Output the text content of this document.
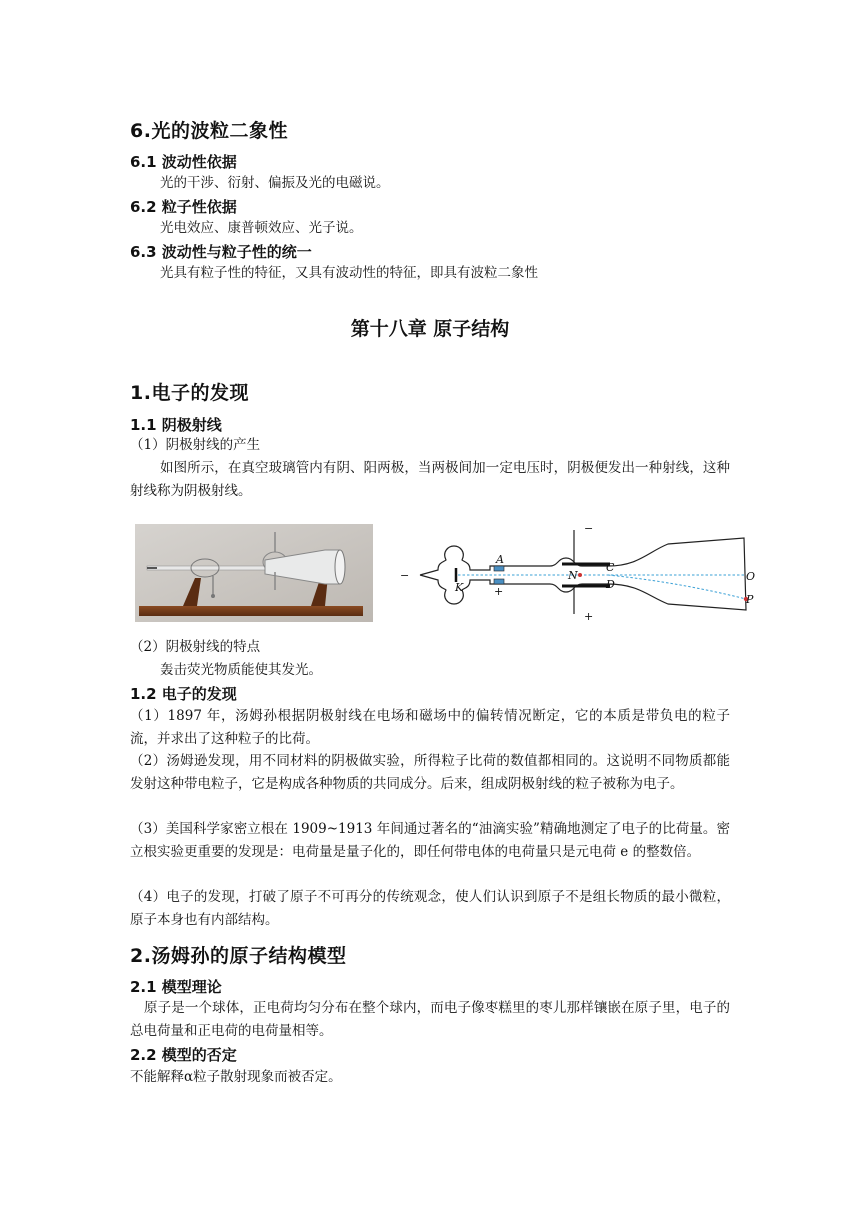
6.光的波粒二象性
6.1 波动性依据
光的干涉、衍射、偏振及光的电磁说。
6.2 粒子性依据
光电效应、康普顿效应、光子说。
6.3 波动性与粒子性的统一
光具有粒子性的特征，又具有波动性的特征，即具有波粒二象性
第十八章 原子结构
1.电子的发现
1.1 阴极射线
（1）阴极射线的产生
如图所示，在真空玻璃管内有阴、阳两极，当两极间加一定电压时，阴极便发出一种射线，这种射线称为阴极射线。
−
K
A
+
−
+
N
C
D
O
P
（2）阴极射线的特点
轰击荧光物质能使其发光。
1.2 电子的发现
（1）1897 年，汤姆孙根据阴极射线在电场和磁场中的偏转情况断定，它的本质是带负电的粒子流，并求出了这种粒子的比荷。
（2）汤姆逊发现，用不同材料的阴极做实验，所得粒子比荷的数值都相同的。这说明不同物质都能发射这种带电粒子，它是构成各种物质的共同成分。后来，组成阴极射线的粒子被称为电子。
（3）美国科学家密立根在 1909~1913 年间通过著名的“油滴实验”精确地测定了电子的比荷量。密立根实验更重要的发现是：电荷量是量子化的，即任何带电体的电荷量只是元电荷 e 的整数倍。
（4）电子的发现，打破了原子不可再分的传统观念，使人们认识到原子不是组长物质的最小微粒，原子本身也有内部结构。
2.汤姆孙的原子结构模型
2.1 模型理论
原子是一个球体，正电荷均匀分布在整个球内，而电子像枣糕里的枣儿那样镶嵌在原子里，电子的总电荷量和正电荷的电荷量相等。
2.2 模型的否定
不能解释α粒子散射现象而被否定。
